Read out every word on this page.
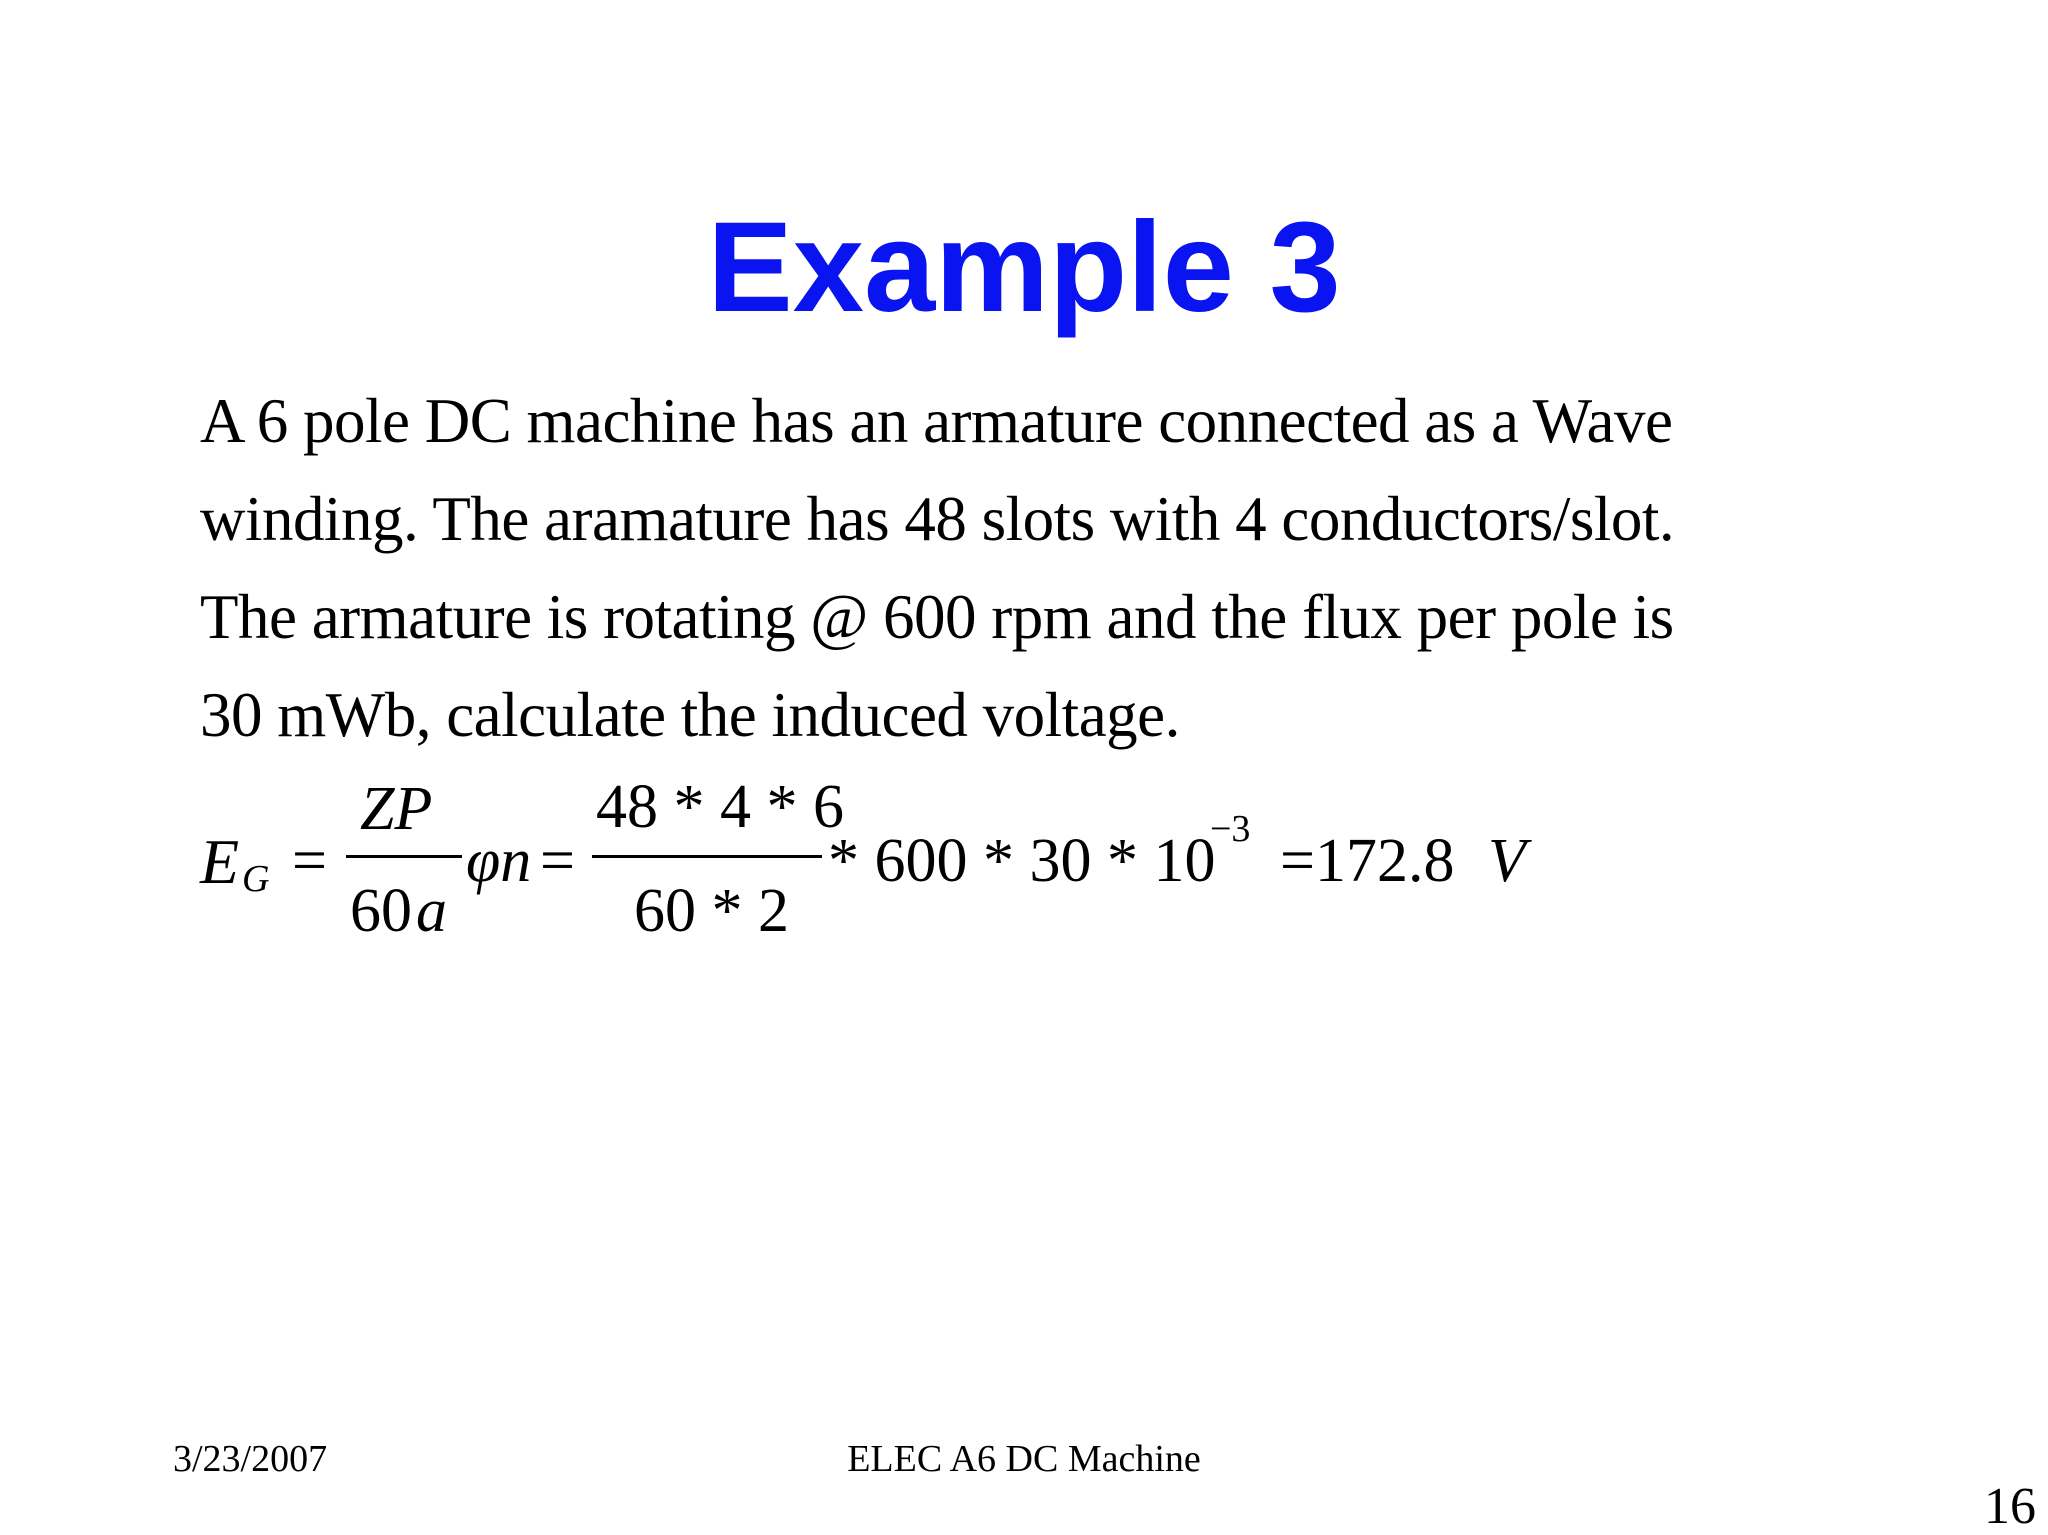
Example 3
A 6 pole DC machine has an armature connected as a Wave
winding. The aramature has 48 slots with 4 conductors/slot.
The armature is rotating @ 600 rpm and the flux per pole is
30 mWb, calculate the induced voltage.
E G =
ZP
60 a
φn =
48 * 4 * 6
60 * 2
* 600 * 30 * 10
−3 =172.8 V
3/23/2007	ELEC A6 DC Machine
16
